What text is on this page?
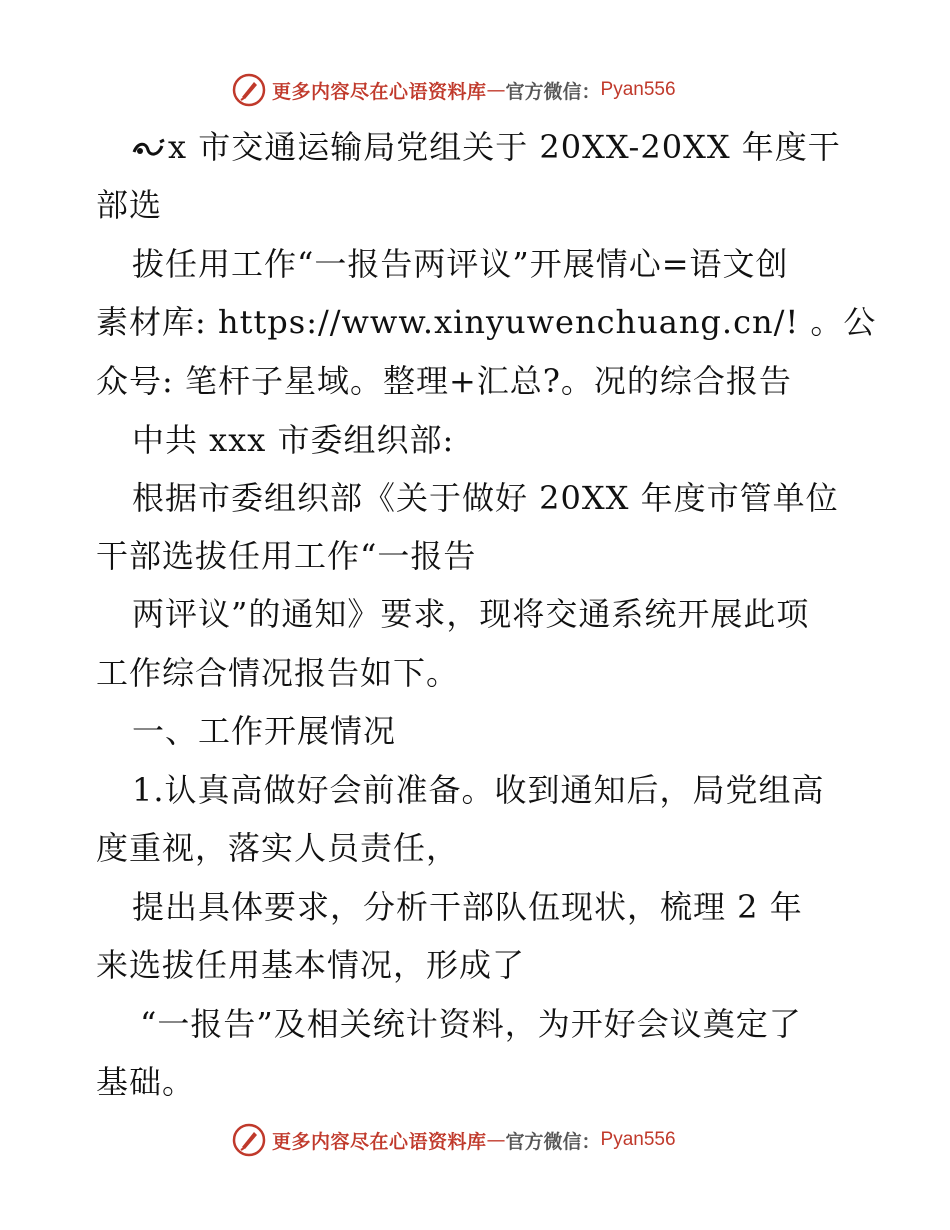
更多内容尽在心语资料库 — 官方微信： Pyan556
x 市交通运输局党组关于 20XX-20XX 年度干
部选
拔任用工作“一报告两评议”开展情心=语文创
素材库: https://www.xinyuwenchuang.cn/! 。公
众号: 笔杆子星域。整理+汇总?。况的综合报告
中共 xxx 市委组织部:
根据市委组织部《关于做好 20XX 年度市管单位
干部选拔任用工作“一报告
两评议”的通知》要求，现将交通系统开展此项
工作综合情况报告如下。
一、工作开展情况
1.认真高做好会前准备。收到通知后，局党组高
度重视，落实人员责任，
提出具体要求，分析干部队伍现状，梳理 2 年
来选拔任用基本情况，形成了
“一报告”及相关统计资料，为开好会议奠定了
基础。
更多内容尽在心语资料库 — 官方微信： Pyan556
